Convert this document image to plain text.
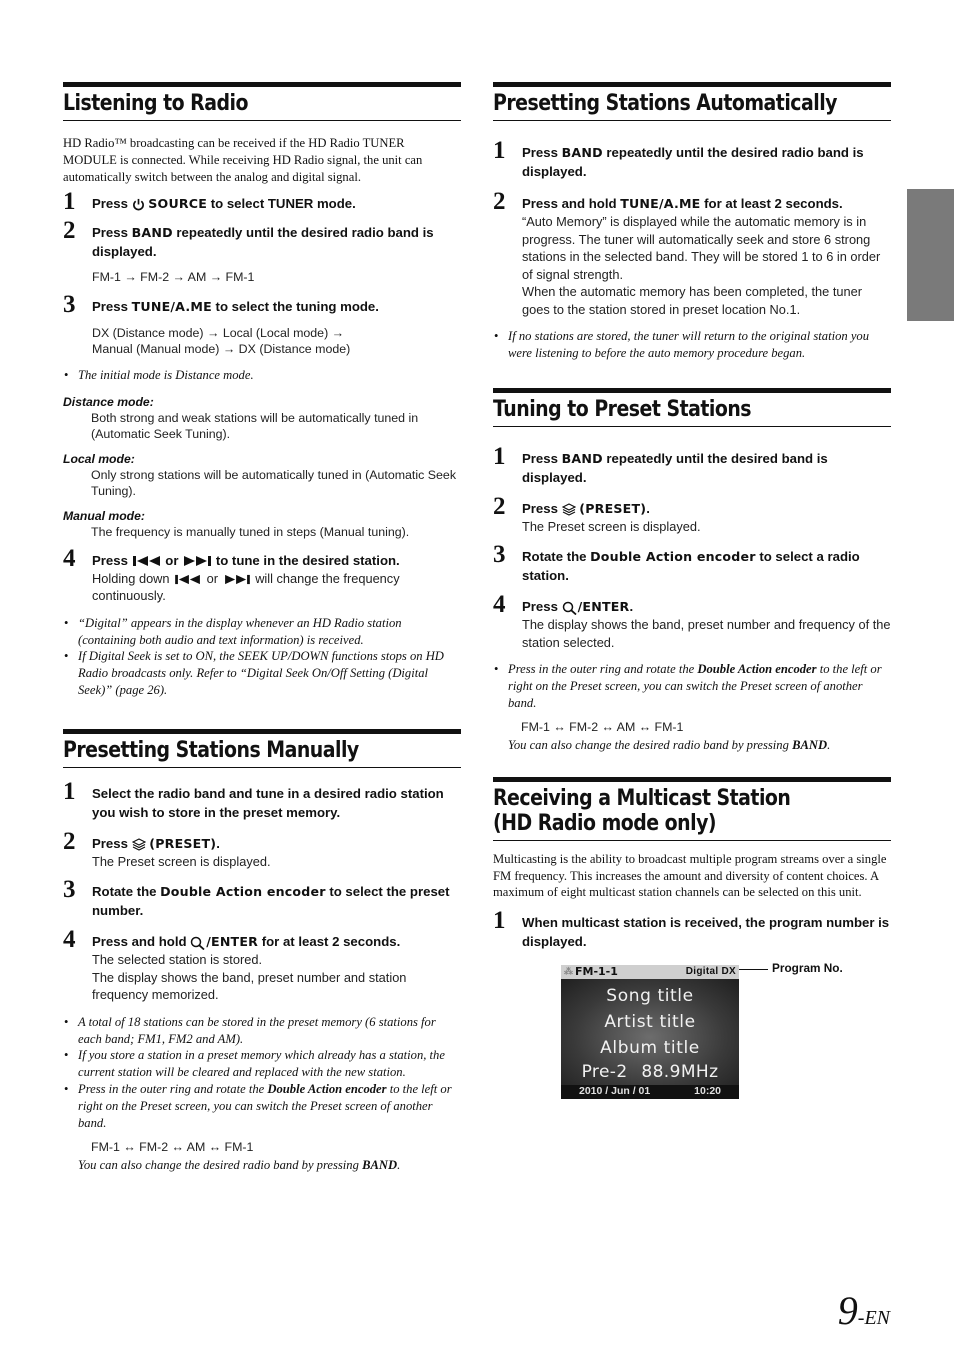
Listening to Radio
HD Radio™ broadcasting can be received if the HD Radio TUNER MODULE is connected. While receiving HD Radio signal, the unit can automatically switch between the analog and digital signal.
1 Press SOURCE to select TUNER mode.
2 Press BAND repeatedly until the desired radio band is displayed.
FM-1 → FM-2 → AM → FM-1
3 Press TUNE/A.ME to select the tuning mode.
DX (Distance mode) → Local (Local mode) →
Manual (Manual mode) → DX (Distance mode)
• The initial mode is Distance mode.
Distance mode:
Both strong and weak stations will be automatically tuned in (Automatic Seek Tuning).
Local mode:
Only strong stations will be automatically tuned in (Automatic Seek Tuning).
Manual mode:
The frequency is manually tuned in steps (Manual tuning).
4 Press	or	to tune in the desired station.
Holding down	or	will change the frequency continuously.
• “Digital” appears in the display whenever an HD Radio station (containing both audio and text information) is received.
• If Digital Seek is set to ON, the SEEK UP/DOWN functions stops on HD Radio broadcasts only. Refer to “Digital Seek On/Off Setting (Digital Seek)” (page 26).
Presetting Stations Manually
1 Select the radio band and tune in a desired radio station you wish to store in the preset memory.
2 Press (PRESET).
The Preset screen is displayed.
3 Rotate the Double Action encoder to select the preset number.
4 Press and hold /ENTER for at least 2 seconds.
The selected station is stored.
The display shows the band, preset number and station frequency memorized.
• A total of 18 stations can be stored in the preset memory (6 stations for each band; FM1, FM2 and AM).
• If you store a station in a preset memory which already has a station, the current station will be cleared and replaced with the new station.
• Press in the outer ring and rotate the Double Action encoder to the left or right on the Preset screen, you can switch the Preset screen of another band.
FM-1 ↔ FM-2 ↔ AM ↔ FM-1
You can also change the desired radio band by pressing BAND.
Presetting Stations Automatically
1 Press BAND repeatedly until the desired radio band is displayed.
2 Press and hold TUNE/A.ME for at least 2 seconds.
“Auto Memory” is displayed while the automatic memory is in progress. The tuner will automatically seek and store 6 strong stations in the selected band. They will be stored 1 to 6 in order of signal strength.
When the automatic memory has been completed, the tuner goes to the station stored in preset location No.1.
• If no stations are stored, the tuner will return to the original station you were listening to before the auto memory procedure began.
Tuning to Preset Stations
1 Press BAND repeatedly until the desired band is displayed.
2 Press (PRESET).
The Preset screen is displayed.
3 Rotate the Double Action encoder to select a radio station.
4 Press /ENTER.
The display shows the band, preset number and frequency of the station selected.
• Press in the outer ring and rotate the Double Action encoder to the left or right on the Preset screen, you can switch the Preset screen of another band.
FM-1 ↔ FM-2 ↔ AM ↔ FM-1
You can also change the desired radio band by pressing BAND.
Receiving a Multicast Station
(HD Radio mode only)
Multicasting is the ability to broadcast multiple program streams over a single FM frequency. This increases the amount and diversity of content choices. A maximum of eight multicast station channels can be selected on this unit.
1 When multicast station is received, the program number is displayed.
Program No.
⁂ FM-1-1	Digital DX
Song title
Artist title
Album title
Pre-2 88.9MHz
2010 / Jun / 01	10:20
9-EN
